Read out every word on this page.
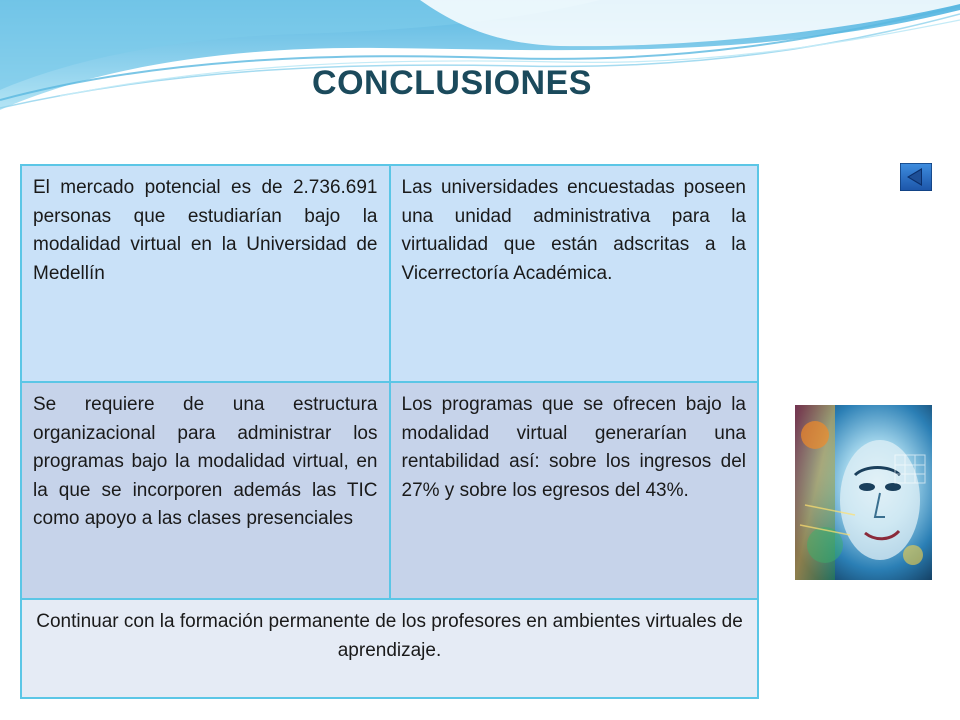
CONCLUSIONES
El mercado potencial es de 2.736.691 personas que estudiarían bajo la modalidad virtual en la Universidad de Medellín	Las universidades encuestadas poseen una unidad administrativa para la virtualidad que están adscritas a la Vicerrectoría Académica.
Se requiere de una estructura organizacional para administrar los programas bajo la modalidad virtual, en la que se incorporen además las TIC como apoyo a las clases presenciales	Los programas que se ofrecen bajo la modalidad virtual generarían una rentabilidad así: sobre los ingresos del 27% y sobre los egresos del 43%.

Continuar con la formación permanente de los profesores en ambientes virtuales de aprendizaje.	
